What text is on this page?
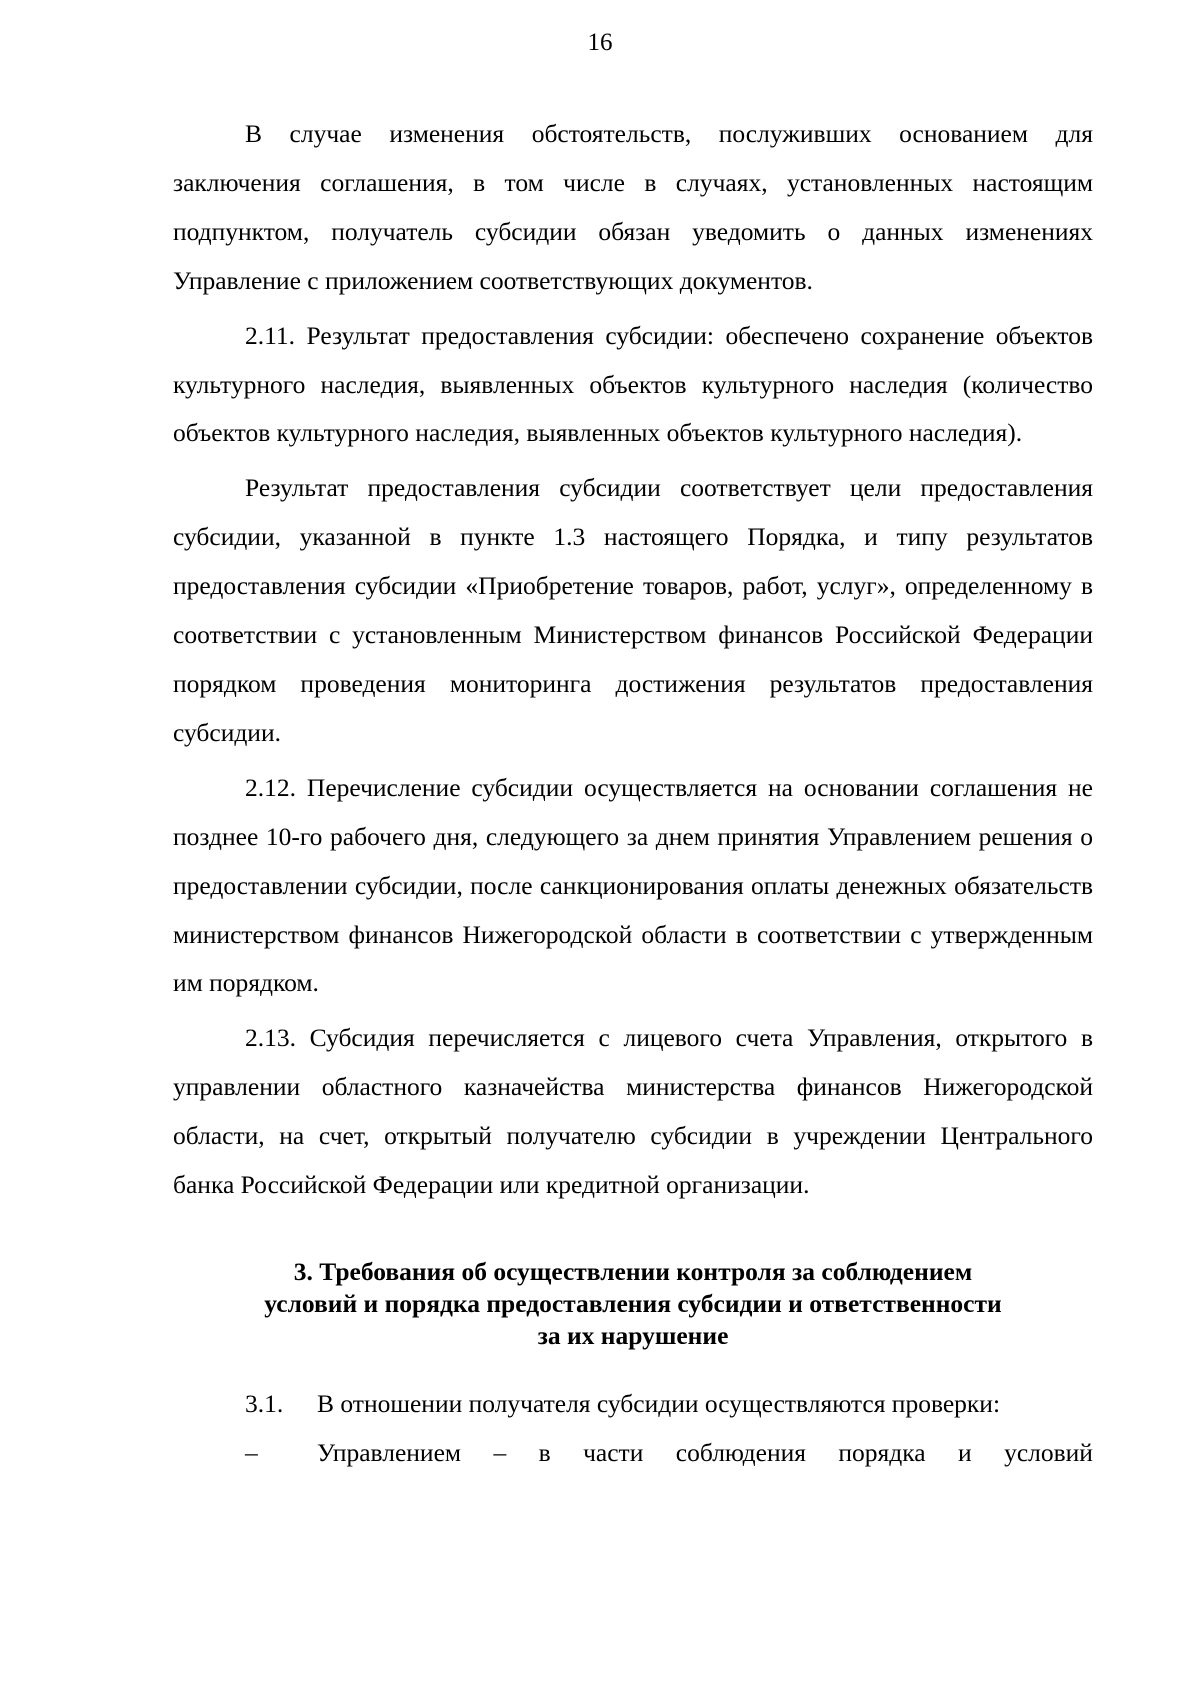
16

В случае изменения обстоятельств, послуживших основанием для заключения соглашения, в том числе в случаях, установленных настоящим подпунктом, получатель субсидии обязан уведомить о данных изменениях Управление с приложением соответствующих документов.

2.11. Результат предоставления субсидии: обеспечено сохранение объектов культурного наследия, выявленных объектов культурного наследия (количество объектов культурного наследия, выявленных объектов культурного наследия).

Результат предоставления субсидии соответствует цели предоставления субсидии, указанной в пункте 1.3 настоящего Порядка, и типу результатов предоставления субсидии «Приобретение товаров, работ, услуг», определенному в соответствии с установленным Министерством финансов Российской Федерации порядком проведения мониторинга достижения результатов предоставления субсидии.

2.12. Перечисление субсидии осуществляется на основании соглашения не позднее 10-го рабочего дня, следующего за днем принятия Управлением решения о предоставлении субсидии, после санкционирования оплаты денежных обязательств министерством финансов Нижегородской области в соответствии с утвержденным им порядком.

2.13. Субсидия перечисляется с лицевого счета Управления, открытого в управлении областного казначейства министерства финансов Нижегородской области, на счет, открытый получателю субсидии в учреждении Центрального банка Российской Федерации или кредитной организации.

3. Требования об осуществлении контроля за соблюдением
условий и порядка предоставления субсидии и ответственности
за их нарушение
3.1.	В отношении получателя субсидии осуществляются проверки:
–	Управлением – в части соблюдения порядка и условий
